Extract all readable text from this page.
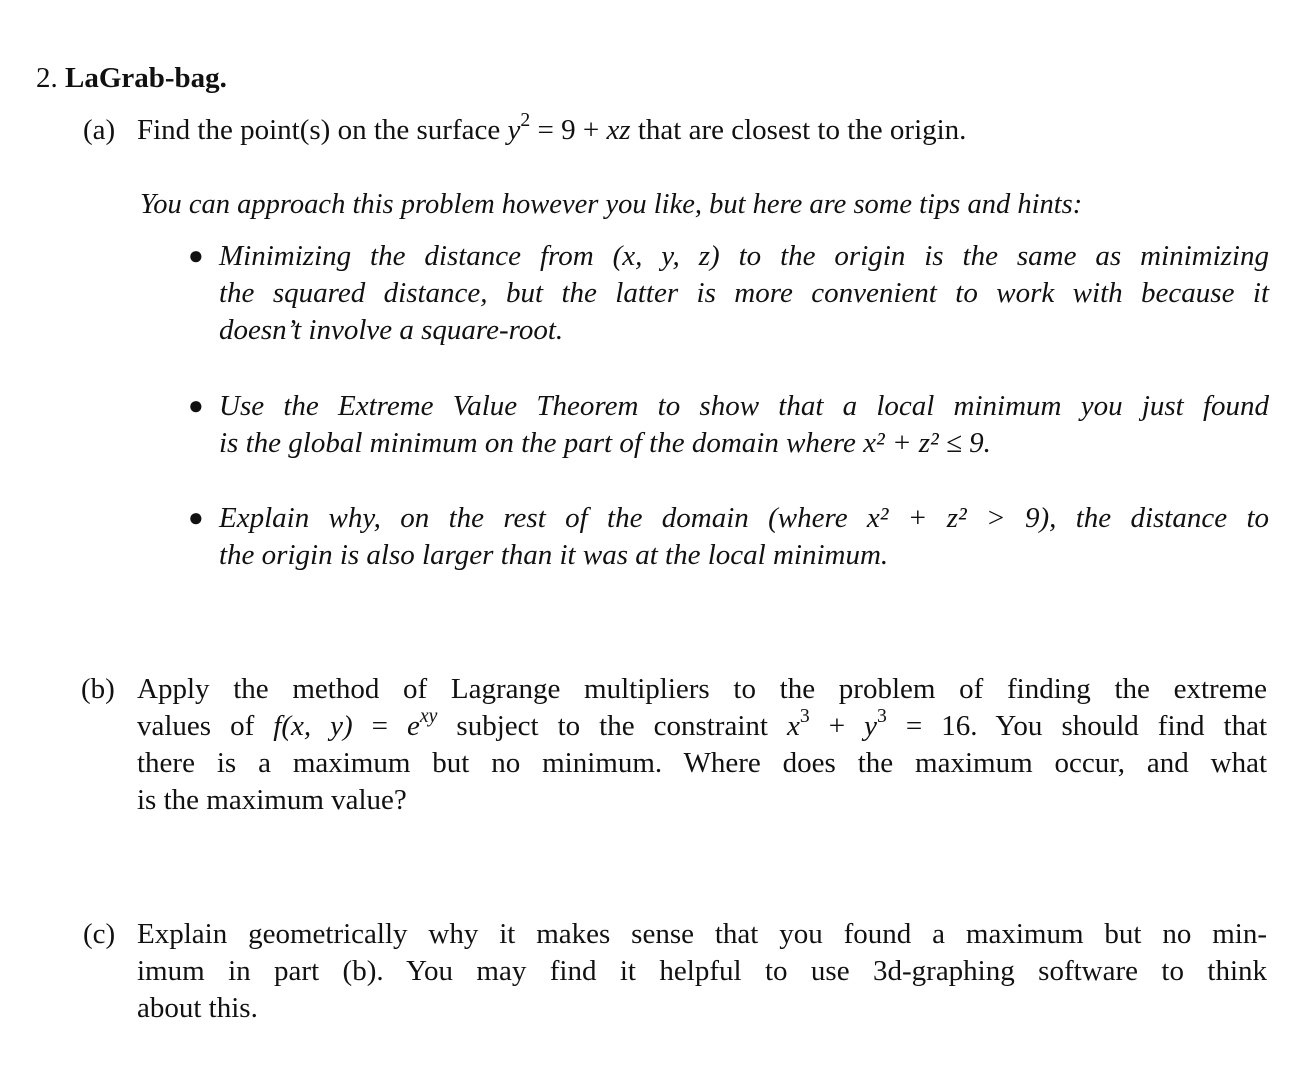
2. LaGrab-bag.
(a) Find the point(s) on the surface $y^2 = 9$ + xz that are closest to the origin.
You can approach this problem however you like, but here are some tips and hints:
● Minimizing the distance from (x, y, z) to the origin is the same as minimizing
the squared distance, but the latter is more convenient to work with because it
doesn’t involve a square-root.
● Use the Extreme Value Theorem to show that a local minimum you just found
is the global minimum on the part of the domain where x² + z² ≤ 9.
● Explain why, on the rest of the domain (where x² + z² > 9), the distance to
the origin is also larger than it was at the local minimum.
(b) Apply the method of Lagrange multipliers to the problem of finding the extreme
values of f(x, $y) = e^{xy}$ subject to the constraint $x^3 + y^3 = 16$. You should find that
there is a maximum but no minimum. Where does the maximum occur, and what
is the maximum value?
(c) Explain geometrically why it makes sense that you found a maximum but no min-
imum in part (b). You may find it helpful to use 3d-graphing software to think
about this.
